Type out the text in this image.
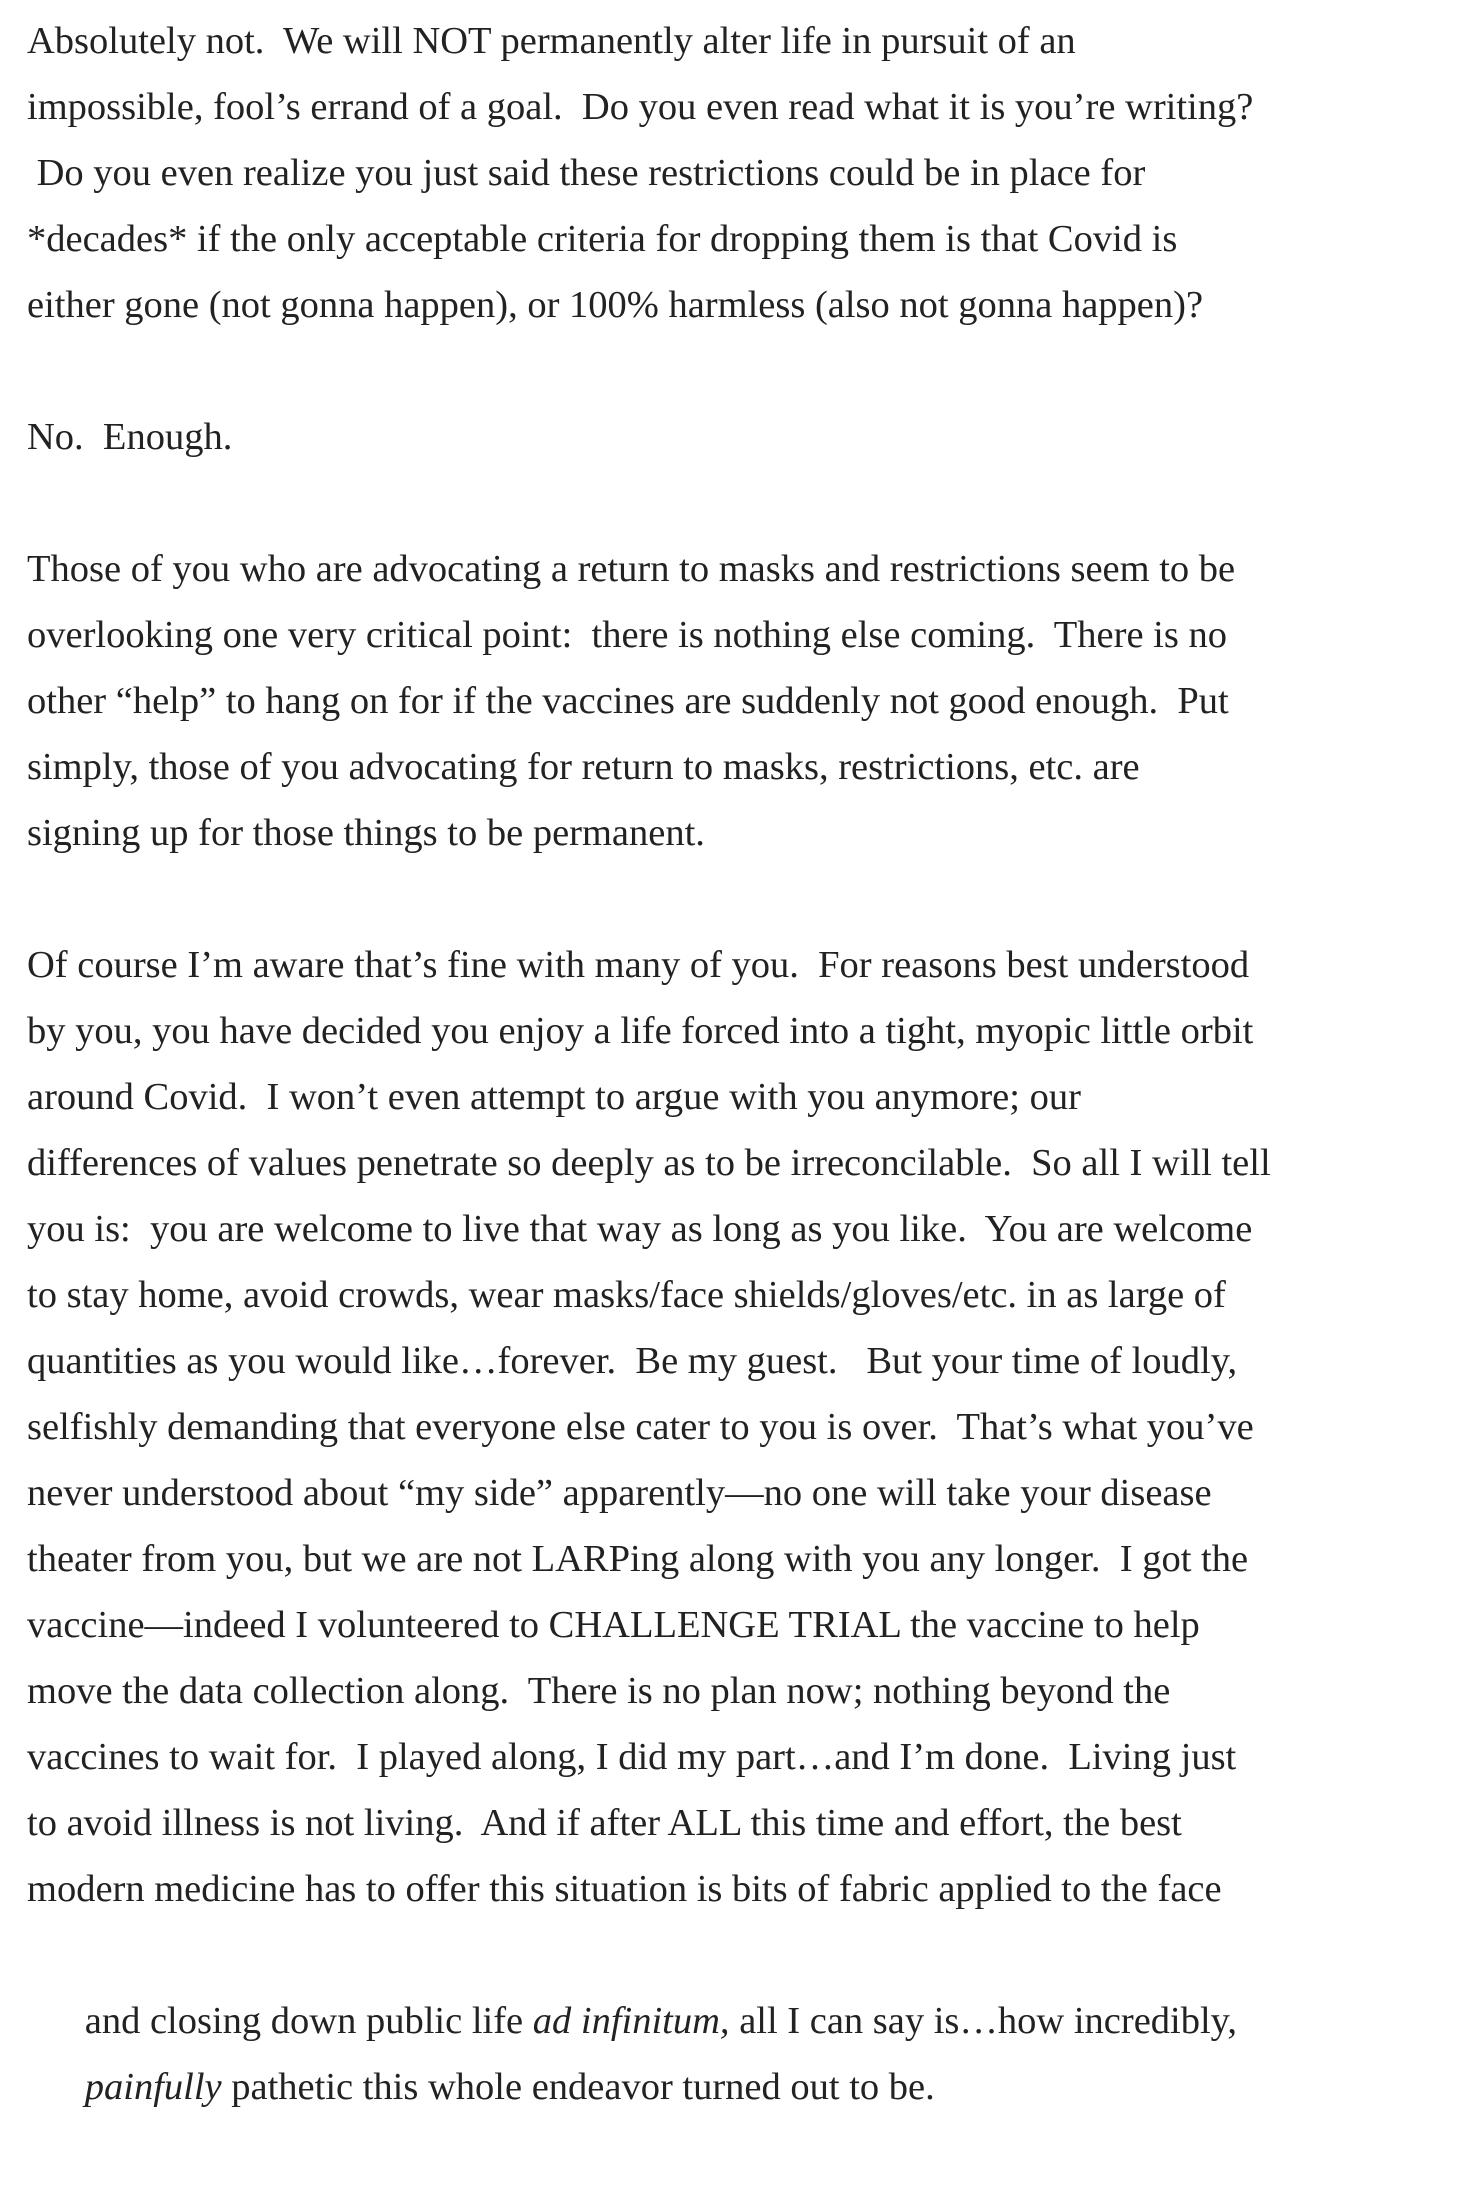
Absolutely not.  We will NOT permanently alter life in pursuit of an
impossible, fool’s errand of a goal.  Do you even read what it is you’re writing?
Do you even realize you just said these restrictions could be in place for
*decades* if the only acceptable criteria for dropping them is that Covid is
either gone (not gonna happen), or 100% harmless (also not gonna happen)?
No.  Enough.
Those of you who are advocating a return to masks and restrictions seem to be
overlooking one very critical point:  there is nothing else coming.  There is no
other “help” to hang on for if the vaccines are suddenly not good enough.  Put
simply, those of you advocating for return to masks, restrictions, etc. are
signing up for those things to be permanent.
Of course I’m aware that’s fine with many of you.  For reasons best understood
by you, you have decided you enjoy a life forced into a tight, myopic little orbit
around Covid.  I won’t even attempt to argue with you anymore; our
differences of values penetrate so deeply as to be irreconcilable.  So all I will tell
you is:  you are welcome to live that way as long as you like.  You are welcome
to stay home, avoid crowds, wear masks/face shields/gloves/etc. in as large of
quantities as you would like…forever.  Be my guest.   But your time of loudly,
selfishly demanding that everyone else cater to you is over.  That’s what you’ve
never understood about “my side” apparently—no one will take your disease
theater from you, but we are not LARPing along with you any longer.  I got the
vaccine—indeed I volunteered to CHALLENGE TRIAL the vaccine to help
move the data collection along.  There is no plan now; nothing beyond the
vaccines to wait for.  I played along, I did my part…and I’m done.  Living just
to avoid illness is not living.  And if after ALL this time and effort, the best
modern medicine has to offer this situation is bits of fabric applied to the face

and closing down public life ad infinitum, all I can say is…how incredibly,

painfully pathetic this whole endeavor turned out to be.
